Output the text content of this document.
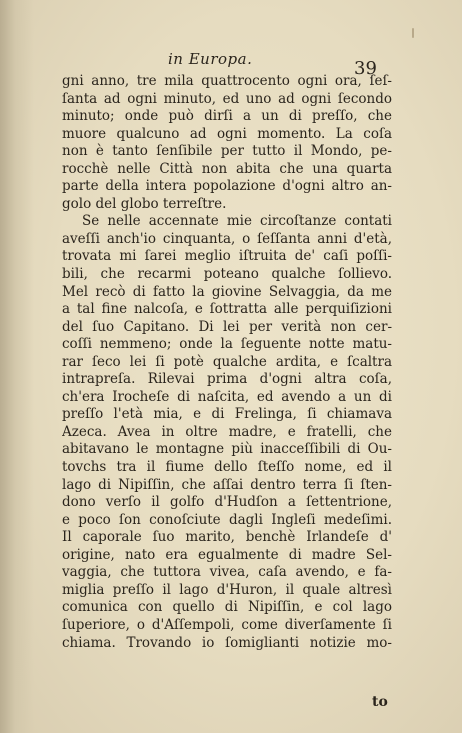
in Europa.	39
gni anno, tre mila quattrocento ogni ora, ſeſ-
ſanta ad ogni minuto, ed uno ad ogni ſecondo
minuto; onde può dirſi a un di preſſo, che
muore qualcuno ad ogni momento. La coſa
non è tanto ſenſibile per tutto il Mondo, pe-
rocchè nelle Città non abita che una quarta
parte della intera popolazione d'ogni altro an-
golo del globo terreſtre.
Se nelle accennate mie circoſtanze contati
aveſſi anch'io cinquanta, o ſeſſanta anni d'età,
trovata mi ſarei meglio iſtruita de' caſi poſſi-
bili, che recarmi poteano qualche ſollievo.
Mel recò di fatto la giovine Selvaggia, da me
a tal fine nalcoſa, e ſottratta alle perquiſizioni
del ſuo Capitano. Di lei per verità non cer-
coſſi nemmeno; onde la ſeguente notte matu-
rar ſeco lei ſi potè qualche ardita, e ſcaltra
intrapreſa. Rilevai prima d'ogni altra coſa,
ch'era Irocheſe di naſcita, ed avendo a un di
preſſo l'età mia, e di Frelinga, ſi chiamava
Azeca. Avea in oltre madre, e fratelli, che
abitavano le montagne più inacceſſibili di Ou-
tovchs tra il fiume dello ſteſſo nome, ed il
lago di Nipiſſin, che aſſai dentro terra ſi ſten-
dono verſo il golfo d'Hudſon a ſettentrione,
e poco ſon conoſciute dagli Ingleſi medeſimi.
Il caporale ſuo marito, benchè Irlandeſe d'
origine, nato era egualmente di madre Sel-
vaggia, che tuttora vivea, caſa avendo, e fa-
miglia preſſo il lago d'Huron, il quale altresì
comunica con quello di Nipiſſin, e col lago
ſuperiore, o d'Aſſempoli, come diverſamente ſi
chiama. Trovando io ſomiglianti notizie mo-
to
